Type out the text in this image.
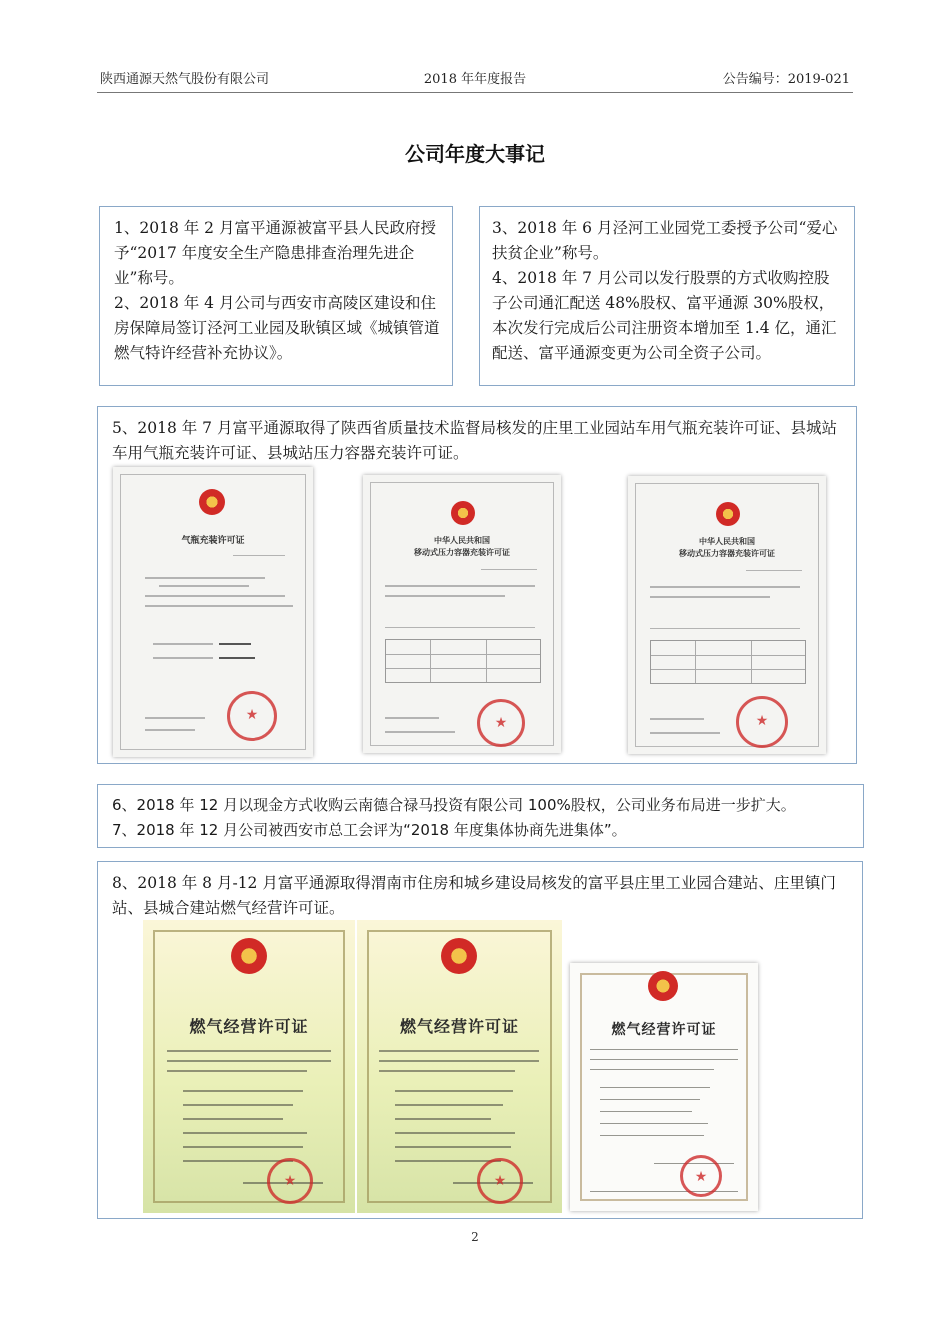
陕西通源天然气股份有限公司	2018 年年度报告	公告编号：2019-021
公司年度大事记

1、2018 年 2 月富平通源被富平县人民政府授予“2017 年度安全生产隐患排查治理先进企业”称号。

2、2018 年 4 月公司与西安市高陵区建设和住房保障局签订泾河工业园及耿镇区域《城镇管道燃气特许经营补充协议》。

3、2018 年 6 月泾河工业园党工委授予公司“爱心扶贫企业”称号。

4、2018 年 7 月公司以发行股票的方式收购控股子公司通汇配送 48%股权、富平通源 30%股权，本次发行完成后公司注册资本增加至 1.4 亿，通汇配送、富平通源变更为公司全资子公司。

5、2018 年 7 月富平通源取得了陕西省质量技术监督局核发的庄里工业园站车用气瓶充装许可证、县城站车用气瓶充装许可证、县城站压力容器充装许可证。

气瓶充装许可证
★	中华人民共和国
移动式压力容器充装许可证
★
中华人民共和国
移动式压力容器充装许可证
★

6、2018 年 12 月以现金方式收购云南德合禄马投资有限公司 100%股权，公司业务布局进一步扩大。

7、2018 年 12 月公司被西安市总工会评为“2018 年度集体协商先进集体”。

8、2018 年 8 月-12 月富平通源取得渭南市住房和城乡建设局核发的富平县庄里工业园合建站、庄里镇门站、县城合建站燃气经营许可证。

燃气经营许可证
★	燃气经营许可证
★	燃气经营许可证
★
2
